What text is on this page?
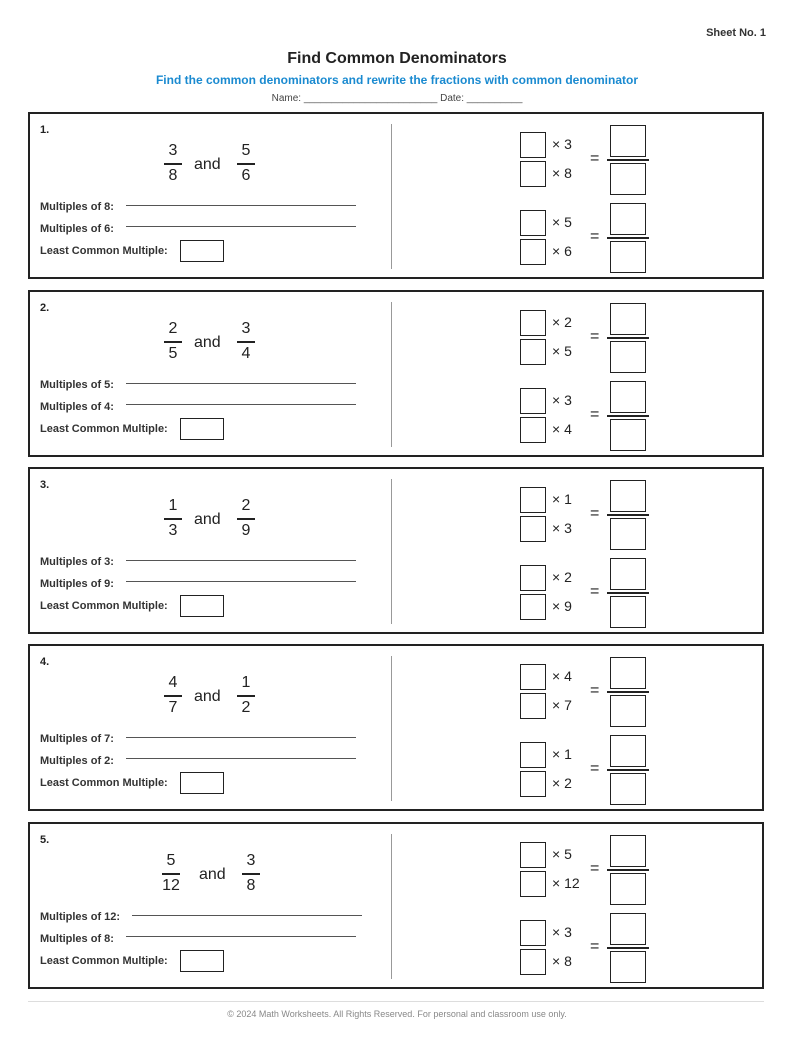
Sheet No. 1
Find Common Denominators
Find the common denominators and rewrite the fractions with common denominator
Name: ________________________ Date: __________
1.
3
8
5
6
and
Multiples of 8:
Multiples of 6:
Least Common Multiple:
× 3
× 8
=
× 5
× 6
=
2.
2
5
3
4
and
Multiples of 5:
Multiples of 4:
Least Common Multiple:
× 2
× 5
=
× 3
× 4
=
3.
1
3
2
9
and
Multiples of 3:
Multiples of 9:
Least Common Multiple:
× 1
× 3
=
× 2
× 9
=
4.
4
7
1
2
and
Multiples of 7:
Multiples of 2:
Least Common Multiple:
× 4
× 7
=
× 1
× 2
=
5.
5
12
3
8
and
Multiples of 12:
Multiples of 8:
Least Common Multiple:
× 5
× 12
=
× 3
× 8
=
© 2024 Math Worksheets. All Rights Reserved. For personal and classroom use only.
